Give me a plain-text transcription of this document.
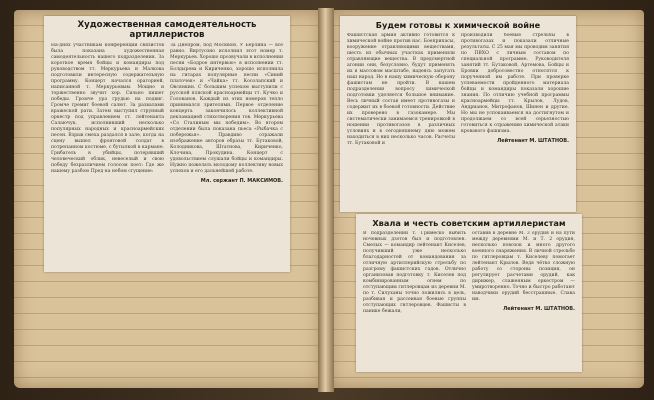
Художественная самодеятельность артиллеристов

На-днях участникам конференции связистов была показана художественная самодеятельность нашего подразделения. За короткое время бойцы и командиры под руководством тт. Меркурьева и Малкова подготовили интересную содержательную программу. Концерт начался ораторией, написанной т. Меркурьевым. Мощно и торжественно звучит хор. Сильно пишет победы. Громче ура грудью на подвиг. Громче гремит боевой салют. За развалами вражеской рати. Затем выступил струнный оркестр под управлением ст. лейтенанта Салаючук, исполнивший несколько популярных народных и красноармейских песен. Взрыв смеха раздался в зале, когда на сцену вышел фронтовой солдат в потрепанном костюме, с бутылкой в кармане. Грибатель в убийцы, потерявший человеческий облик, невеселый и свою победу безразличием голосом поет: Где же нашему разбою Пред на небом сгущение:

За Днепром, под Москвою, У Берлина — все равно. Виртуозно исполнил этот номер т. Меркурьев. Хорошо прозвучали в исполнении песни «Бодрое интервью» в исполнении тт. Болдырева и Кириченко, хорошо исполнила на гитарах популярные песни «Синий платочек» и «Чайка» тт. Косолапский и Овсянкин. С большим успехом выступили с русской пляской красноармейцы тт. Кучко и Голованов. Каждый из этих номеров тепло принимался зрителями. Первое отделение концерта закончилось коллективной декламацией стихотворения тов. Меркурьева «Со Сталиным мы победим». Во втором отделении была показана пьеса «Рыбачка с побережья». Правдиво отражали изображение авторов образы тт. Бутаковой, Колодникова, Штатнова, Кириченко, Клочина, Прокудина. Концерт с удовольствием слушали бойцы и командиры. Нужно пожелать молодому коллективу новых успехов и его дальнейшей работе.

Мл. сержант П. МАКСИМОВ.
Будем готовы к химической войне

Фашистская армия активно готовится к химической войне против нас. Боеприпасы, вооружение отравляющими веществами, шесть из обычных участках применили отравляющие вещества. В предсмертной агонии они, безусловно, будут применять их в массовом масштабе, надеясь запугать наш народ. Но в нашу химическую оборону фашистам не пройти. В нашем подразделении вопросу химической подготовки уделяется большое внимание. Весь личный состав имеет противогазы и содержит их в боевой готовности. Действие их проверено в газокамере. Мы систематически занимаемся тренировкой в ношении противогазов в различных условиях и в сегодняшнему дню можем находиться в них несколько часов. Расчеты тт. Бутаковой и

производили боевые стрельбы в противогазах и показали отличные результаты. С 25 мая мы проводим занятия по ПВХО с личным составом по специальной программе. Руководителя занятий тт. Бутаковой, Артемова, Бойцы и Бровки добросовестно относятся к порученной им работе. При проверке успеваемости пройденного материала бойцы и командиры показали хорошие знания. По отличию учебной программы красноармейцы тт. Крылов, Лудов, Андрианов, Митрофанов, Шинен и другие. Но мы не успокаиваемся на достигнутом и продолжаем со всей серьезностью готовиться к отражению химической атаки кровавого фашизма.

Лейтенант М. ШТАТНОВ.
Хвала и честь советским артиллеристам

В подразделении т. Гримеско выбить ночевных дзотов был и подготовлен. Смелых — командир лейтенант Киселев, получивший уже несколько благодарностей от командования за отличную артиллерийскую стрельбу по разгрому фашистских гадов. Отлично организовав подготовку т. Киселев под комбинированным огнем по отступающим гитлеровцам из деревни М. по т. Силуханы точно ложились в цель, разбивая и рассеивая боевые группы отступающих гитлеровцев. Фашисты в панике бежали,

оставив в деревне М. 3 орудия и на пути между деревнями М. и Т. 2 орудия, несколько повозок и много другого военного снаряжения. В личной стрельбе по гитлеровцам т. Киселеву помогает лейтенант Крылов. Ведя чётко сложную работу со стороны позиции, он регулирует расчетами орудий, как дирижер, слаженным оркестром — умиротворенно. Точно и быстро работают наводчики орудий бесстрашные. Слава им.

Лейтенант М. ШТАТНОВ.
